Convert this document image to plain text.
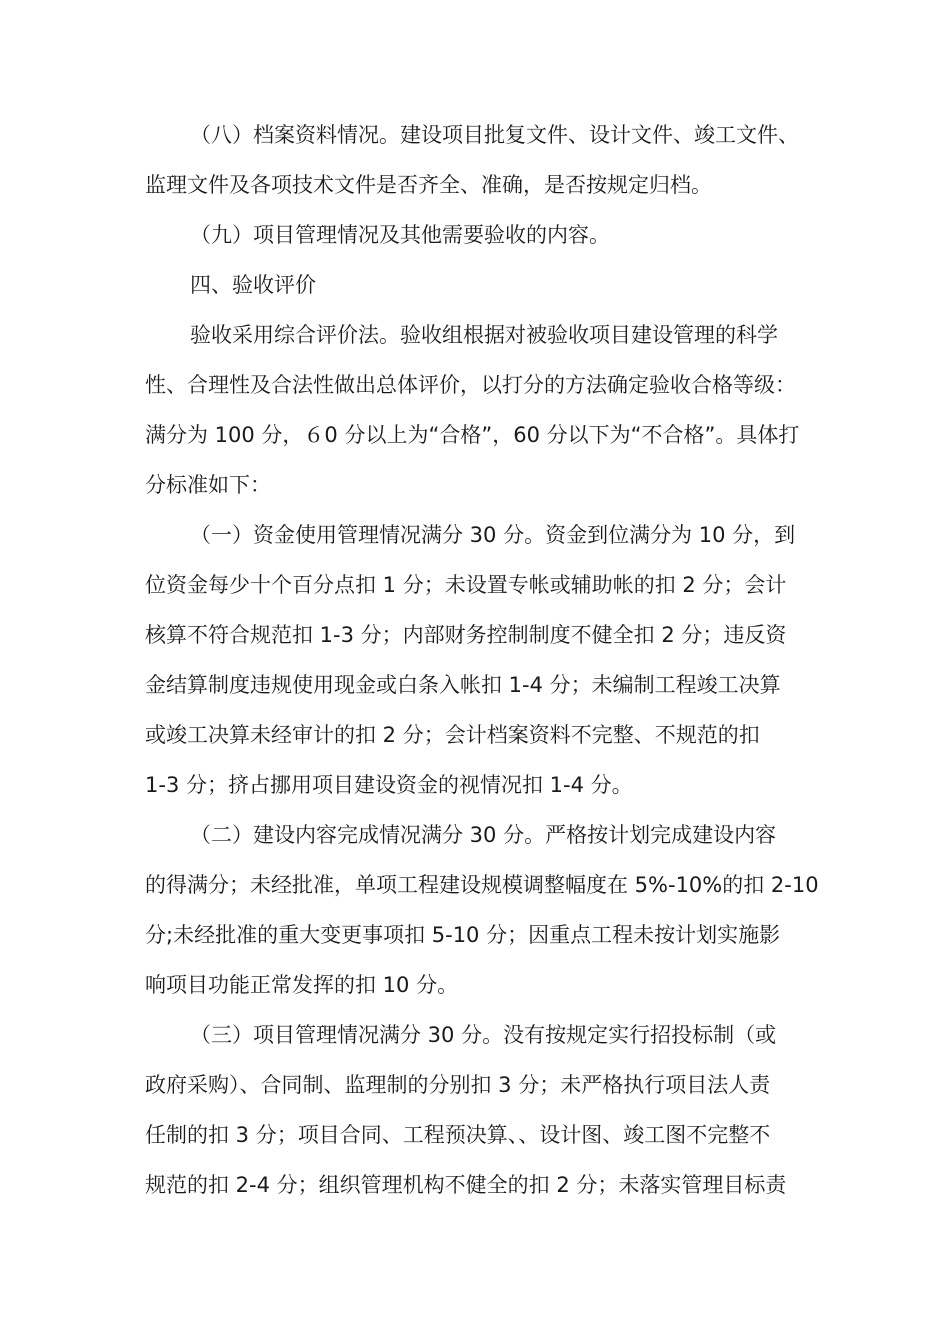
（八）档案资料情况。建设项目批复文件、设计文件、竣工文件、
监理文件及各项技术文件是否齐全、准确，是否按规定归档。
（九）项目管理情况及其他需要验收的内容。
四、验收评价
验收采用综合评价法。验收组根据对被验收项目建设管理的科学
性、合理性及合法性做出总体评价，以打分的方法确定验收合格等级：
满分为 100 分，６0 分以上为“合格”，60 分以下为“不合格”。具体打
分标准如下：
（一）资金使用管理情况满分 30 分。资金到位满分为 10 分，到
位资金每少十个百分点扣 1 分；未设置专帐或辅助帐的扣 2 分；会计
核算不符合规范扣 1-3 分；内部财务控制制度不健全扣 2 分；违反资
金结算制度违规使用现金或白条入帐扣 1-4 分；未编制工程竣工决算
或竣工决算未经审计的扣 2 分；会计档案资料不完整、不规范的扣
1-3 分；挤占挪用项目建设资金的视情况扣 1-4 分。
（二）建设内容完成情况满分 30 分。严格按计划完成建设内容
的得满分；未经批准，单项工程建设规模调整幅度在 5%-10%的扣 2-10
分;未经批准的重大变更事项扣 5-10 分；因重点工程未按计划实施影
响项目功能正常发挥的扣 10 分。
（三）项目管理情况满分 30 分。没有按规定实行招投标制（或
政府采购）、合同制、监理制的分别扣 3 分；未严格执行项目法人责
任制的扣 3 分；项目合同、工程预决算、、设计图、竣工图不完整不
规范的扣 2-4 分；组织管理机构不健全的扣 2 分；未落实管理目标责
